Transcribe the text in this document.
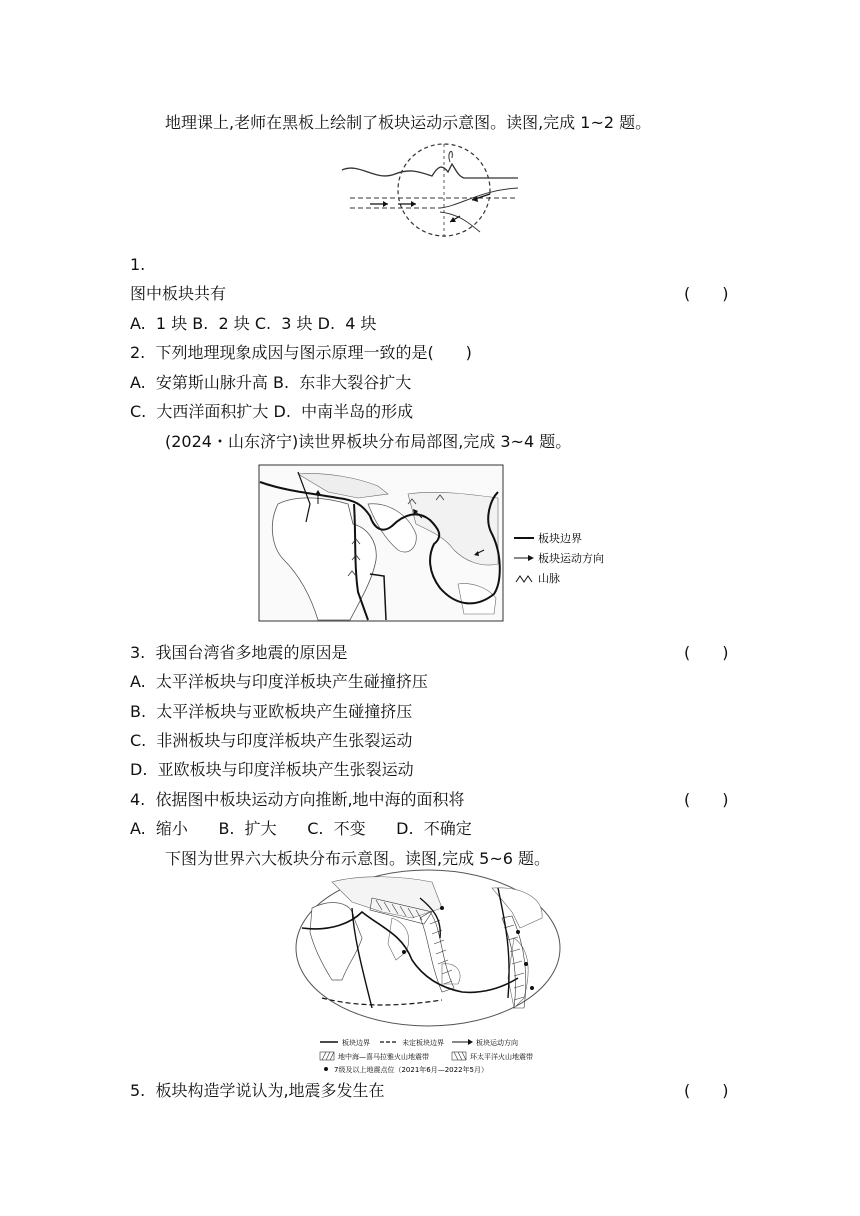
地理课上,老师在黑板上绘制了板块运动示意图。读图,完成 1~2 题。
1.
图中板块共有	(　　)
A.  1 块 B.  2 块 C.  3 块 D.  4 块
2.  下列地理现象成因与图示原理一致的是(　　)
A.  安第斯山脉升高 B.  东非大裂谷扩大
C.  大西洋面积扩大 D.  中南半岛的形成
(2024・山东济宁)读世界板块分布局部图,完成 3~4 题。
板块边界
板块运动方向
山脉
3.  我国台湾省多地震的原因是	(　　)
A.  太平洋板块与印度洋板块产生碰撞挤压
B.  太平洋板块与亚欧板块产生碰撞挤压
C.  非洲板块与印度洋板块产生张裂运动
D.  亚欧板块与印度洋板块产生张裂运动
4.  依据图中板块运动方向推断,地中海的面积将	(　　)
A.  缩小      B.  扩大      C.  不变      D.  不确定
下图为世界六大板块分布示意图。读图,完成 5~6 题。
板块边界	未定板块边界	板块运动方向
地中海—喜马拉雅火山地震带	环太平洋火山地震带
7级及以上地震点位（2021年6月—2022年5月）
5.  板块构造学说认为,地震多发生在	(　　)
